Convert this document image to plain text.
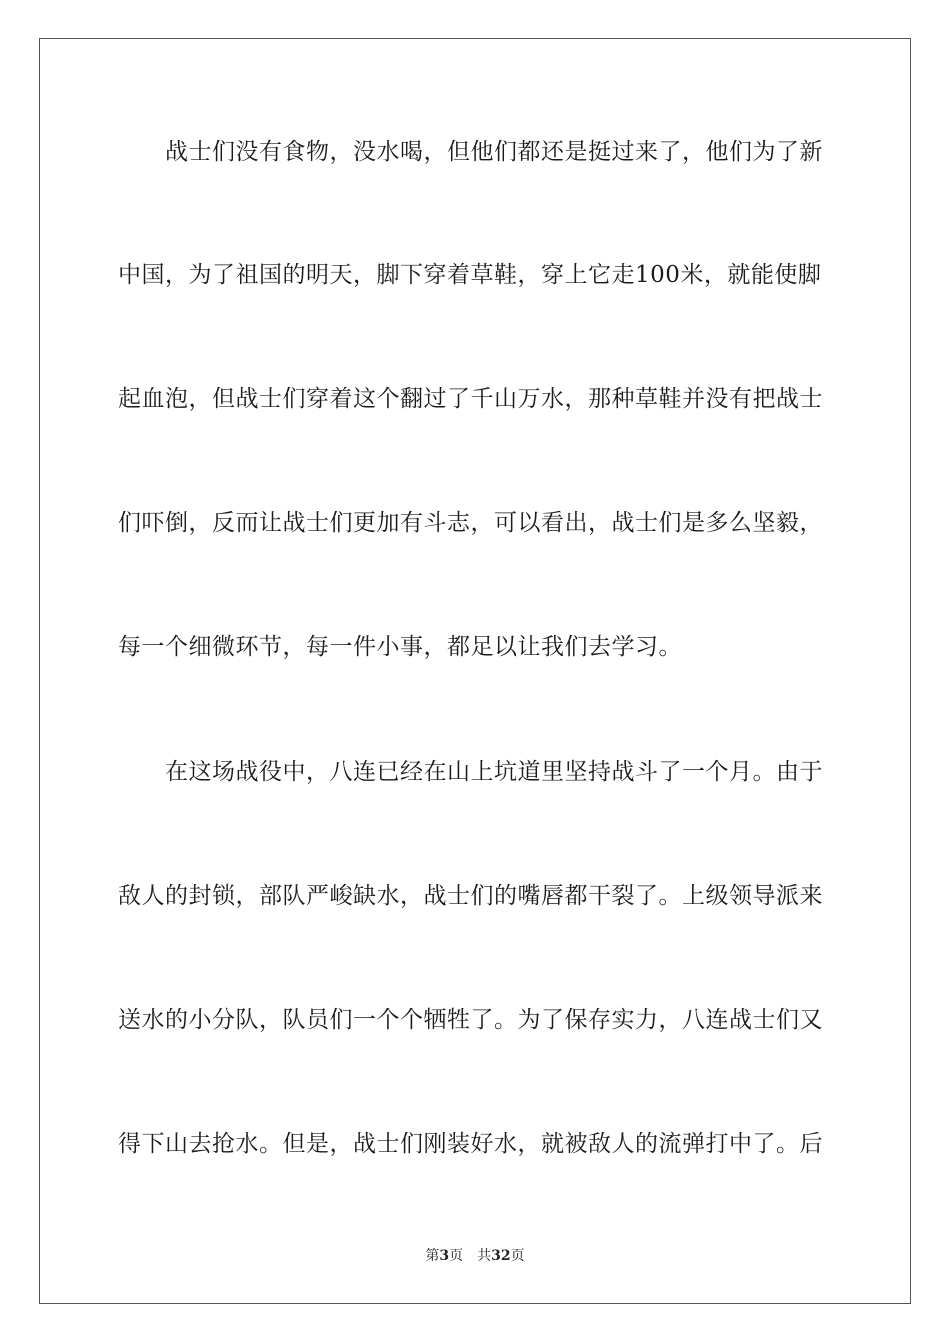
战士们没有食物，没水喝，但他们都还是挺过来了，他们为了新
中国，为了祖国的明天，脚下穿着草鞋，穿上它走100米，就能使脚
起血泡，但战士们穿着这个翻过了千山万水，那种草鞋并没有把战士
们吓倒，反而让战士们更加有斗志，可以看出，战士们是多么坚毅，
每一个细微环节，每一件小事，都足以让我们去学习。
在这场战役中，八连已经在山上坑道里坚持战斗了一个月。由于
敌人的封锁，部队严峻缺水，战士们的嘴唇都干裂了。上级领导派来
送水的小分队，队员们一个个牺牲了。为了保存实力，八连战士们又
得下山去抢水。但是，战士们刚装好水，就被敌人的流弹打中了。后
第3页 共32页
